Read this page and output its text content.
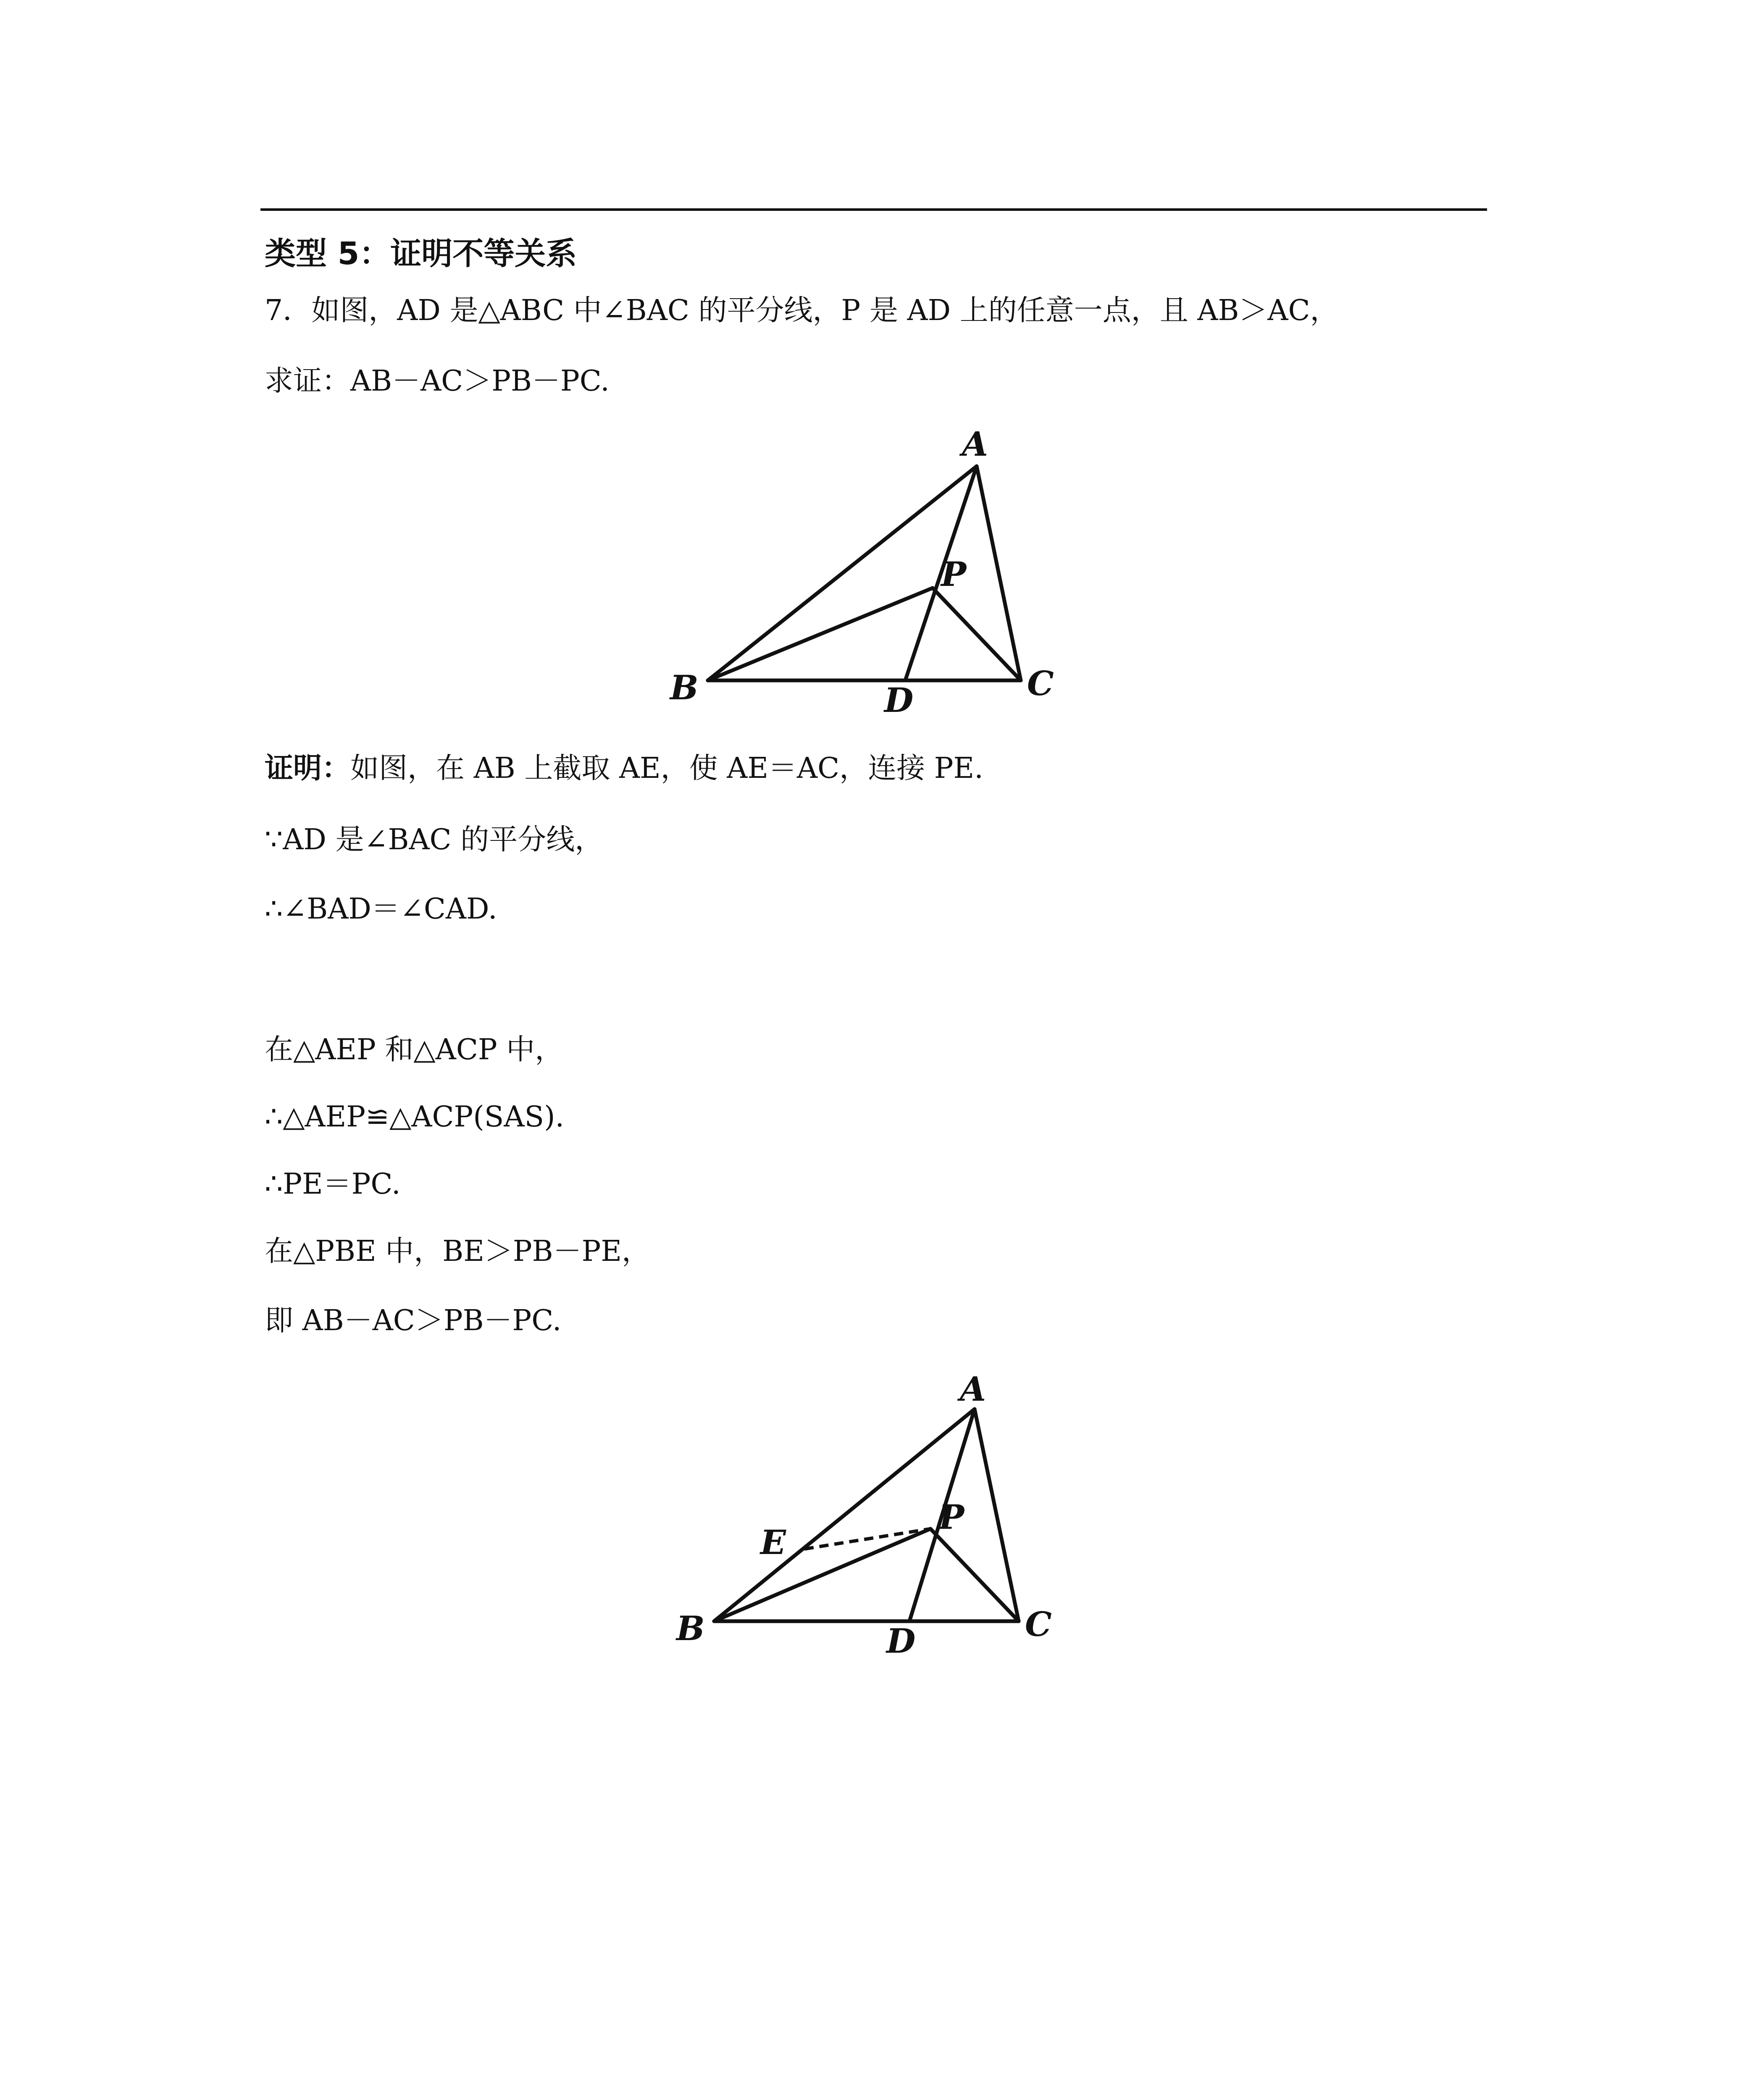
类型 5：证明不等关系
7．如图，AD 是△ABC 中∠BAC 的平分线，P 是 AD 上的任意一点，且 AB＞AC，
求证：AB－AC＞PB－PC.
A
P
B	D	C
证明：如图，在 AB 上截取 AE，使 AE＝AC，连接 PE.
∵AD 是∠BAC 的平分线，
∴∠BAD＝∠CAD.
在△AEP 和△ACP 中，
∴△AEP≌△ACP(SAS).
∴PE＝PC.
在△PBE 中，BE＞PB－PE，
即 AB－AC＞PB－PC.
A
P
E
B	D	C
